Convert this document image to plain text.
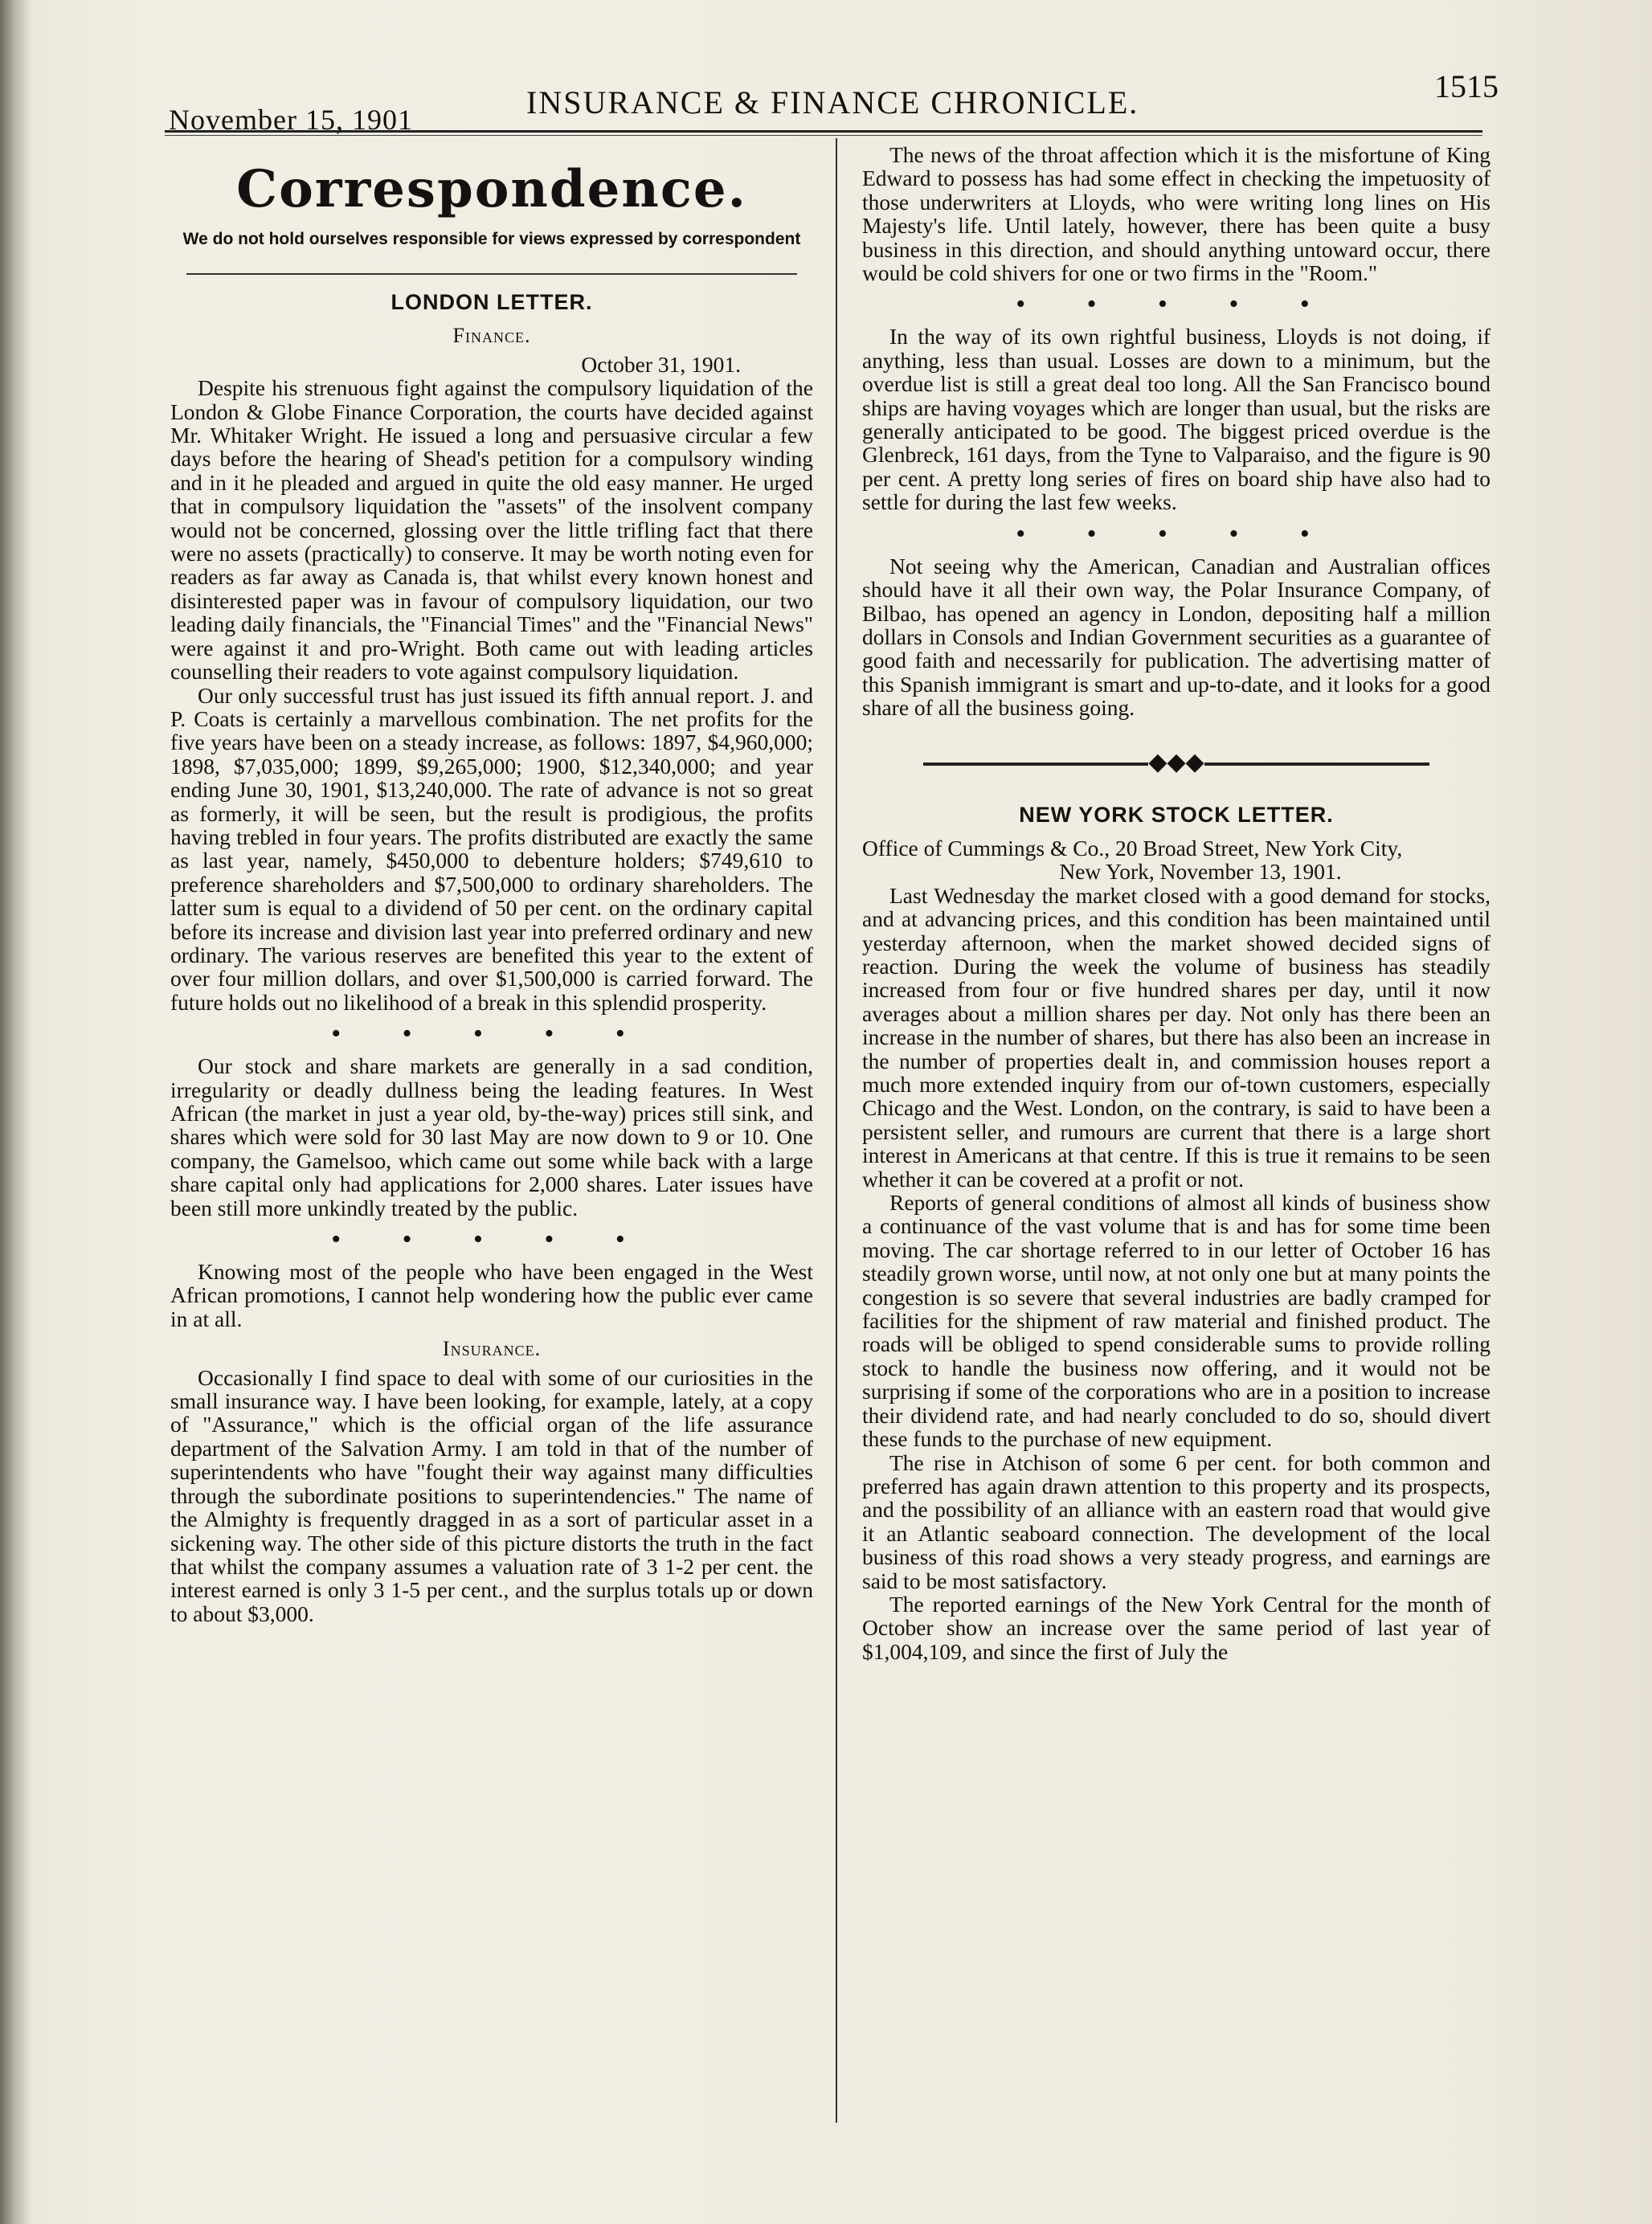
November 15, 1901	INSURANCE & FINANCE CHRONICLE.	1515
Correspondence.
We do not hold ourselves responsible for views expressed by correspondent
LONDON LETTER.
Finance.
October 31, 1901.

Despite his strenuous fight against the compulsory liquidation of the London & Globe Finance Corporation, the courts have decided against Mr. Whitaker Wright. He issued a long and persuasive circular a few days before the hearing of Shead's petition for a compulsory winding and in it he pleaded and argued in quite the old easy manner. He urged that in compulsory liquidation the "assets" of the insolvent company would not be concerned, glossing over the little trifling fact that there were no assets (practically) to conserve. It may be worth noting even for readers as far away as Canada is, that whilst every known honest and disinterested paper was in favour of compulsory liquidation, our two leading daily financials, the "Financial Times" and the "Financial News" were against it and pro-Wright. Both came out with leading articles counselling their readers to vote against compulsory liquidation.

Our only successful trust has just issued its fifth annual report. J. and P. Coats is certainly a marvellous combination. The net profits for the five years have been on a steady increase, as follows: 1897, $4,960,000; 1898, $7,035,000; 1899, $9,265,000; 1900, $12,340,000; and year ending June 30, 1901, $13,240,000. The rate of advance is not so great as formerly, it will be seen, but the result is prodigious, the profits having trebled in four years. The profits distributed are exactly the same as last year, namely, $450,000 to debenture holders; $749,610 to preference shareholders and $7,500,000 to ordinary shareholders. The latter sum is equal to a dividend of 50 per cent. on the ordinary capital before its increase and division last year into preferred ordinary and new ordinary. The various reserves are benefited this year to the extent of over four million dollars, and over $1,500,000 is carried forward. The future holds out no likelihood of a break in this splendid prosperity.

• • • • •

Our stock and share markets are generally in a sad condition, irregularity or deadly dullness being the leading features. In West African (the market in just a year old, by-the-way) prices still sink, and shares which were sold for 30 last May are now down to 9 or 10. One company, the Gamelsoo, which came out some while back with a large share capital only had applications for 2,000 shares. Later issues have been still more unkindly treated by the public.

• • • • •

Knowing most of the people who have been engaged in the West African promotions, I cannot help wondering how the public ever came in at all.

Insurance.

Occasionally I find space to deal with some of our curiosities in the small insurance way. I have been looking, for example, lately, at a copy of "Assurance," which is the official organ of the life assurance department of the Salvation Army. I am told in that of the number of superintendents who have "fought their way against many difficulties through the subordinate positions to superintendencies." The name of the Almighty is frequently dragged in as a sort of particular asset in a sickening way. The other side of this picture distorts the truth in the fact that whilst the company assumes a valuation rate of 3 1-2 per cent. the interest earned is only 3 1-5 per cent., and the surplus totals up or down to about $3,000.

The news of the throat affection which it is the misfortune of King Edward to possess has had some effect in checking the impetuosity of those underwriters at Lloyds, who were writing long lines on His Majesty's life. Until lately, however, there has been quite a busy business in this direction, and should anything untoward occur, there would be cold shivers for one or two firms in the "Room."

• • • • •

In the way of its own rightful business, Lloyds is not doing, if anything, less than usual. Losses are down to a minimum, but the overdue list is still a great deal too long. All the San Francisco bound ships are having voyages which are longer than usual, but the risks are generally anticipated to be good. The biggest priced overdue is the Glenbreck, 161 days, from the Tyne to Valparaiso, and the figure is 90 per cent. A pretty long series of fires on board ship have also had to settle for during the last few weeks.

• • • • •

Not seeing why the American, Canadian and Australian offices should have it all their own way, the Polar Insurance Company, of Bilbao, has opened an agency in London, depositing half a million dollars in Consols and Indian Government securities as a guarantee of good faith and necessarily for publication. The advertising matter of this Spanish immigrant is smart and up-to-date, and it looks for a good share of all the business going.

◆◆◆
NEW YORK STOCK LETTER.

Office of Cummings & Co., 20 Broad Street, New York City,

New York, November 13, 1901.

Last Wednesday the market closed with a good demand for stocks, and at advancing prices, and this condition has been maintained until yesterday afternoon, when the market showed decided signs of reaction. During the week the volume of business has steadily increased from four or five hundred shares per day, until it now averages about a million shares per day. Not only has there been an increase in the number of shares, but there has also been an increase in the number of properties dealt in, and commission houses report a much more extended inquiry from our of-town customers, especially Chicago and the West. London, on the contrary, is said to have been a persistent seller, and rumours are current that there is a large short interest in Americans at that centre. If this is true it remains to be seen whether it can be covered at a profit or not.

Reports of general conditions of almost all kinds of business show a continuance of the vast volume that is and has for some time been moving. The car shortage referred to in our letter of October 16 has steadily grown worse, until now, at not only one but at many points the congestion is so severe that several industries are badly cramped for facilities for the shipment of raw material and finished product. The roads will be obliged to spend considerable sums to provide rolling stock to handle the business now offering, and it would not be surprising if some of the corporations who are in a position to increase their dividend rate, and had nearly concluded to do so, should divert these funds to the purchase of new equipment.

The rise in Atchison of some 6 per cent. for both common and preferred has again drawn attention to this property and its prospects, and the possibility of an alliance with an eastern road that would give it an Atlantic seaboard connection. The development of the local business of this road shows a very steady progress, and earnings are said to be most satisfactory.

The reported earnings of the New York Central for the month of October show an increase over the same period of last year of $1,004,109, and since the first of July the
